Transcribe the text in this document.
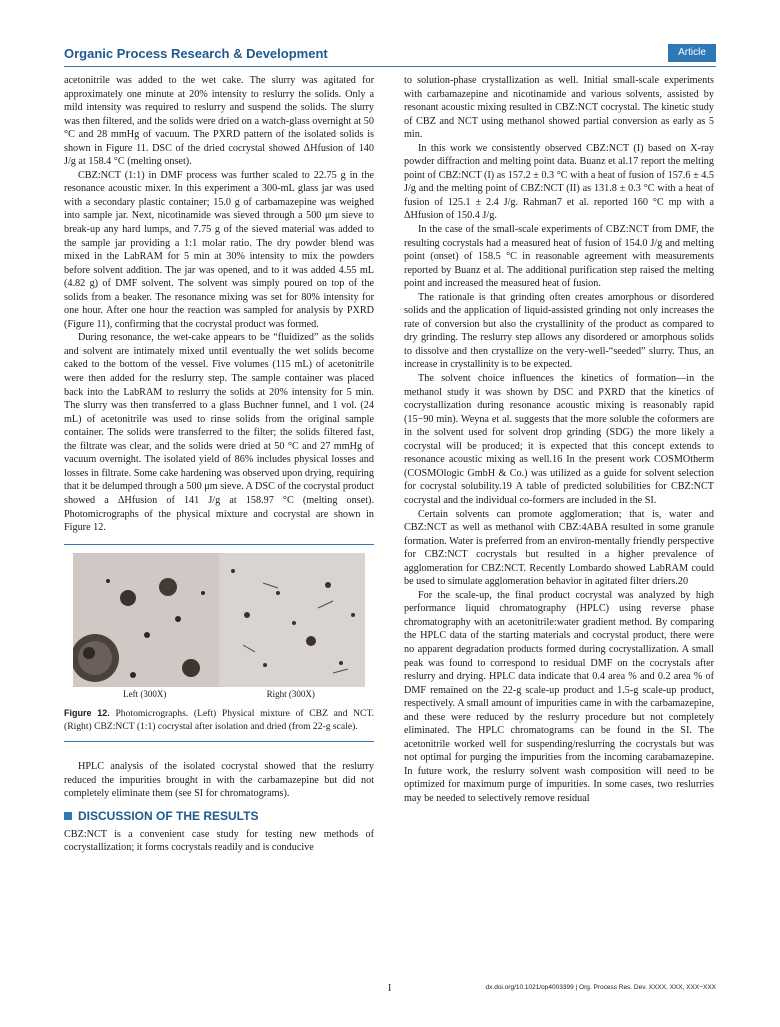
Organic Process Research & Development	Article

acetonitrile was added to the wet cake. The slurry was agitated for approximately one minute at 20% intensity to reslurry the solids. Only a mild intensity was required to reslurry and suspend the solids. The slurry was then filtered, and the solids were dried on a watch-glass overnight at 50 °C and 28 mmHg of vacuum. The PXRD pattern of the isolated solids is shown in Figure 11. DSC of the dried cocrystal showed ΔHfusion of 140 J/g at 158.4 °C (melting onset).

CBZ:NCT (1:1) in DMF process was further scaled to 22.75 g in the resonance acoustic mixer. In this experiment a 300-mL glass jar was used with a secondary plastic container; 15.0 g of carbamazepine was weighed into sample jar. Next, nicotinamide was sieved through a 500 μm sieve to break-up any hard lumps, and 7.75 g of the sieved material was added to the sample jar providing a 1:1 molar ratio. The dry powder blend was mixed in the LabRAM for 5 min at 30% intensity to mix the powders before solvent addition. The jar was opened, and to it was added 4.55 mL (4.82 g) of DMF solvent. The solvent was simply poured on top of the solids from a beaker. The resonance mixing was set for 80% intensity for one hour. After one hour the reaction was sampled for analysis by PXRD (Figure 11), confirming that the cocrystal product was formed.

During resonance, the wet-cake appears to be “fluidized” as the solids and solvent are intimately mixed until eventually the wet solids become caked to the bottom of the vessel. Five volumes (115 mL) of acetonitrile were then added for the reslurry step. The sample container was placed back into the LabRAM to reslurry the solids at 20% intensity for 5 min. The slurry was then transferred to a glass Buchner funnel, and 1 vol. (24 mL) of acetonitrile was used to rinse solids from the original sample container. The solids were transferred to the filter; the solids filtered fast, the filtrate was clear, and the solids were dried at 50 °C and 27 mmHg of vacuum overnight. The isolated yield of 86% includes physical losses and losses in filtrate. Some cake hardening was observed upon drying, requiring that it be delumped through a 500 μm sieve. A DSC of the cocrystal product showed a ΔHfusion of 141 J/g at 158.97 °C (melting onset). Photomicrographs of the physical mixture and cocrystal are shown in Figure 12.

Left (300X)	Right (300X)
Figure 12. Photomicrographs. (Left) Physical mixture of CBZ and NCT. (Right) CBZ:NCT (1:1) cocrystal after isolation and dried (from 22-g scale).

HPLC analysis of the isolated cocrystal showed that the reslurry reduced the impurities brought in with the carbamazepine but did not completely eliminate them (see SI for chromatograms).

DISCUSSION OF THE RESULTS

CBZ:NCT is a convenient case study for testing new methods of cocrystallization; it forms cocrystals readily and is conducive

to solution-phase crystallization as well. Initial small-scale experiments with carbamazepine and nicotinamide and various solvents, assisted by resonant acoustic mixing resulted in CBZ:NCT cocrystal. The kinetic study of CBZ and NCT using methanol showed partial conversion as early as 5 min.

In this work we consistently observed CBZ:NCT (I) based on X-ray powder diffraction and melting point data. Buanz et al.17 report the melting point of CBZ:NCT (I) as 157.2 ± 0.3 °C with a heat of fusion of 157.6 ± 4.5 J/g and the melting point of CBZ:NCT (II) as 131.8 ± 0.3 °C with a heat of fusion of 125.1 ± 2.4 J/g. Rahman7 et al. reported 160 °C mp with a ΔHfusion of 150.4 J/g.

In the case of the small-scale experiments of CBZ:NCT from DMF, the resulting cocrystals had a measured heat of fusion of 154.0 J/g and melting point (onset) of 158.5 °C in reasonable agreement with measurements reported by Buanz et al. The additional purification step raised the melting point and increased the measured heat of fusion.

The rationale is that grinding often creates amorphous or disordered solids and the application of liquid-assisted grinding not only increases the rate of conversion but also the crystallinity of the product as compared to dry grinding. The reslurry step allows any disordered or amorphous solids to dissolve and then crystallize on the very-well-“seeded” slurry. Thus, an increase in crystallinity is to be expected.

The solvent choice influences the kinetics of formation—in the methanol study it was shown by DSC and PXRD that the kinetics of cocrystallization during resonance acoustic mixing is reasonably rapid (15−90 min). Weyna et al. suggests that the more soluble the coformers are in the solvent used for solvent drop grinding (SDG) the more likely a cocrystal will be produced; it is expected that this concept extends to resonance acoustic mixing as well.16 In the present work COSMOtherm (COSMOlogic GmbH & Co.) was utilized as a guide for solvent selection for cocrystal solubility.19 A table of predicted solubilities for CBZ:NCT cocrystal and the individual co-formers are included in the SI.

Certain solvents can promote agglomeration; that is, water and CBZ:NCT as well as methanol with CBZ:4ABA resulted in some granule formation. Water is preferred from an environ-mentally friendly perspective for CBZ:NCT cocrystals but resulted in a higher prevalence of agglomeration for CBZ:NCT. Recently Lombardo showed LabRAM could be used to simulate agglomeration behavior in agitated filter driers.20

For the scale-up, the final product cocrystal was analyzed by high performance liquid chromatography (HPLC) using reverse phase chromatography with an acetonitrile:water gradient method. By comparing the HPLC data of the starting materials and cocrystal product, there were no apparent degradation products formed during cocrystallization. A small peak was found to correspond to residual DMF on the cocrystals after reslurry and drying. HPLC data indicate that 0.4 area % and 0.2 area % of DMF remained on the 22-g scale-up product and 1.5-g scale-up product, respectively. A small amount of impurities came in with the carbamazepine, and these were reduced by the reslurry procedure but not completely eliminated. The HPLC chromatograms can be found in the SI. The acetonitrile worked well for suspending/reslurring the cocrystals but was not optimal for purging the impurities from the incoming carabamazepine. In future work, the reslurry solvent wash composition will need to be optimized for maximum purge of impurities. In some cases, two reslurries may be needed to selectively remove residual

I	dx.doi.org/10.1021/op4003399 | Org. Process Res. Dev. XXXX, XXX, XXX−XXX
